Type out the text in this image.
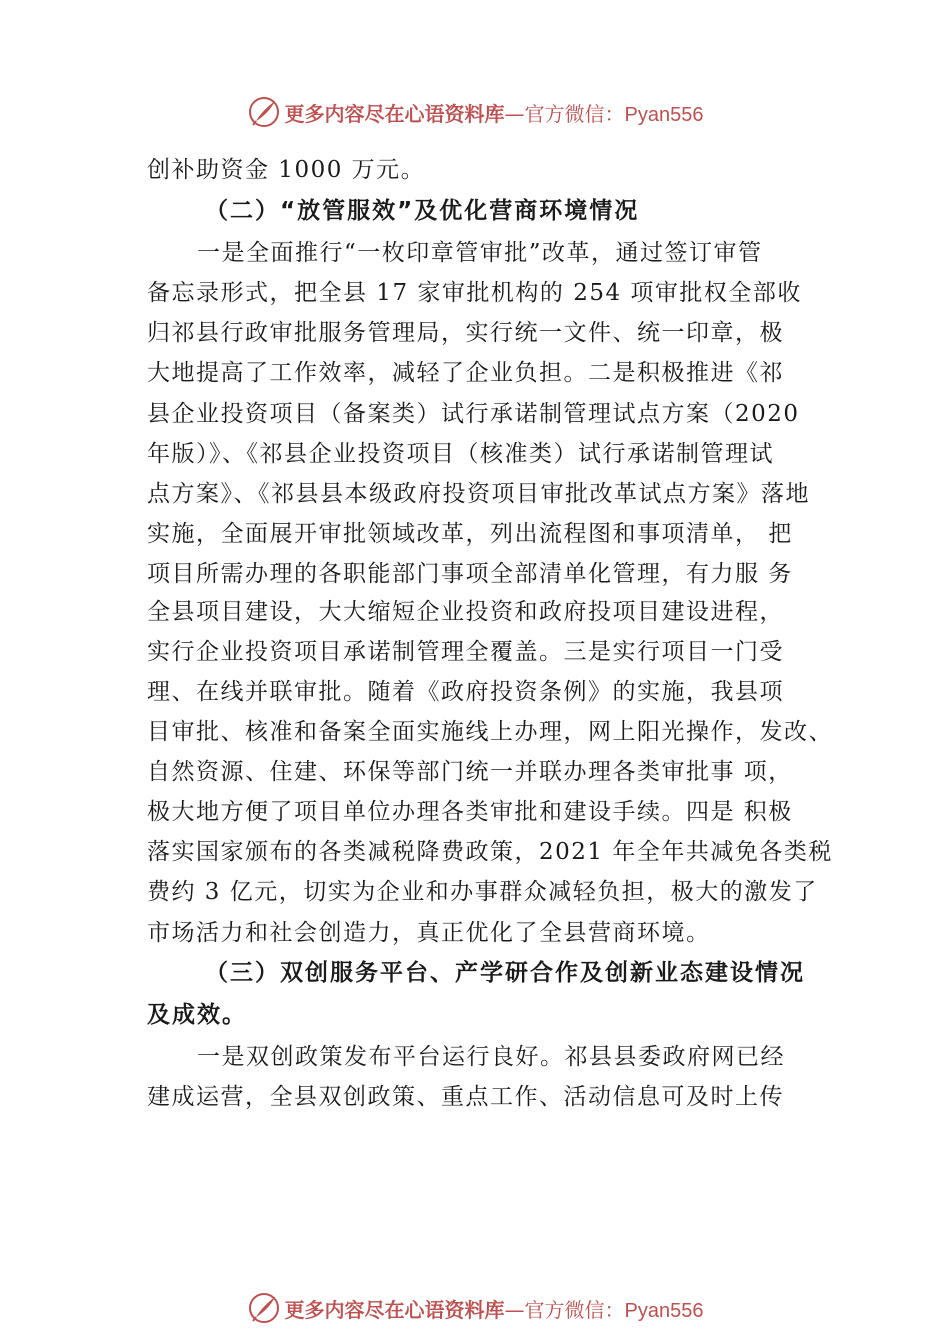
更多内容尽在心语资料库—官方微信：Pyan556
创补助资金 1000 万元。
（二）“放管服效”及优化营商环境情况
一是全面推行“一枚印章管审批”改革，通过签订审管
备忘录形式，把全县 17 家审批机构的 254 项审批权全部收
归祁县行政审批服务管理局，实行统一文件、统一印章，极
大地提高了工作效率，减轻了企业负担。二是积极推进《祁
县企业投资项目（备案类）试行承诺制管理试点方案（2020
年版）》、《祁县企业投资项目（核准类）试行承诺制管理试
点方案》、《祁县县本级政府投资项目审批改革试点方案》落地
实施，全面展开审批领域改革，列出流程图和事项清单， 把
项目所需办理的各职能部门事项全部清单化管理，有力服 务
全县项目建设，大大缩短企业投资和政府投项目建设进程，
实行企业投资项目承诺制管理全覆盖。三是实行项目一门受
理、在线并联审批。随着《政府投资条例》的实施，我县项
目审批、核准和备案全面实施线上办理，网上阳光操作，发改、
自然资源、住建、环保等部门统一并联办理各类审批事 项，
极大地方便了项目单位办理各类审批和建设手续。四是 积极
落实国家颁布的各类减税降费政策，2021 年全年共减免各类税
费约 3 亿元，切实为企业和办事群众减轻负担，极大的激发了
市场活力和社会创造力，真正优化了全县营商环境。
（三）双创服务平台、产学研合作及创新业态建设情况
及成效。
一是双创政策发布平台运行良好。祁县县委政府网已经
建成运营，全县双创政策、重点工作、活动信息可及时上传
更多内容尽在心语资料库—官方微信：Pyan556
